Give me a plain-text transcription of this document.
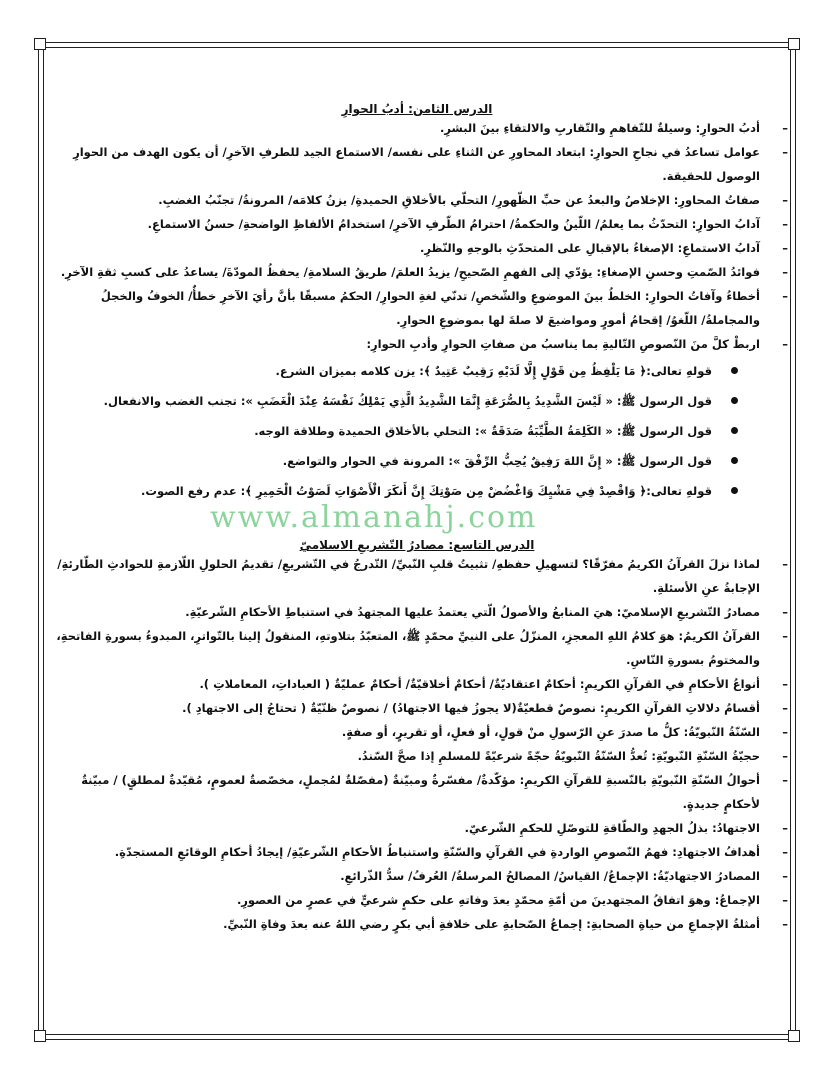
الدرس الثامن: أدبُ الحوارِ
–
أدبُ الحوارِ: وسيلةٌ للتّفاهمِ والتّقاربِ والالتقاءِ بينَ البشرِ.
–
عوامل تساعدُ في نجاحِ الحوارِ: ابتعاد المحاورِ عن الثناءِ على نفسه/ الاستماع الجيد للطرفِ الآخرِ/ أن يكون الهدف من الحوارِ الوصول للحقيقة.
–
صفاتُ المحاورِ: الإخلاصُ والبعدُ عن حبِّ الظّهورِ/ التحلّي بالأخلاقِ الحميدةِ/ يزنُ كلامَه/ المرونةُ/ تجنّبُ الغضبِ.
–
آدابُ الحوارِ: التحدّثُ بما يعلمُ/ اللّينُ والحكمةُ/ احترامُ الطّرفِ الآخرِ/ استخدامُ الألفاظِ الواضحةِ/ حسنُ الاستماعِ.
–
آدابُ الاستماعِ: الإصغاءُ بالإقبالِ على المتحدّثِ بالوجهِ والنّظرِ.
–
فوائدُ الصّمتِ وحسنِ الإصغاءِ: يؤدّي إلى الفهمِ الصّحيحِ/ يزيدُ العلمَ/ طريقُ السلامةِ/ يحفظُ المودّةَ/ يساعدُ على كسبِ ثقةِ الآخرِ.
–
أخطاءُ وآفاتُ الحوارِ: الخلطُ بينَ الموضوعِ والشّخصِ/ تدنّي لغةِ الحوارِ/ الحكمُ مسبقًا بأنَّ رأيَ الآخرِ خطأٌ/ الخوفُ والخجلُ والمجاملةُ/ اللّغوُ/ إقحامُ أمورٍ ومواضيعَ لا صلةَ لها بموضوعِ الحوارِ.
–
اربطْ كلَّ منَ النّصوصِ التّاليةِ بما يناسبُ من صفاتِ الحوارِ وأدبِ الحوارِ:
قولهِ تعالى:﴿ مَا يَلْفِظُ مِن قَوْلٍ إِلَّا لَدَيْهِ رَقِيبٌ عَتِيدٌ ﴾: يزن كلامه بميزان الشرع.
قول الرسول ﷺ: « لَيْسَ الشَّدِيدُ بِالصُّرَعَةِ إِنَّمَا الشَّدِيدُ الَّذِي يَمْلِكُ نَفْسَهُ عِنْدَ الْغَضَبِ »: تجنب الغضب والانفعال.
قول الرسول ﷺ: « الكَلِمَةُ الطَّيِّبَةُ صَدَقَةٌ »: التحلي بالأخلاق الحميدة وطلاقة الوجه.
قول الرسول ﷺ: « إِنَّ اللهَ رَفِيقٌ يُحِبُّ الرِّفْقَ »: المرونة في الحوار والتواضع.
قولهِ تعالى:﴿ وَاقْصِدْ فِي مَشْيِكَ وَاغْضُضْ مِن صَوْتِكَ إِنَّ أَنكَرَ الْأَصْوَاتِ لَصَوْتُ الْحَمِيرِ ﴾: عدم رفع الصوت.
الدرس التاسع: مصادرُ التّشريعِ الاسلاميّ
–
لماذا نزلَ القرآنُ الكريمُ مفرّقًا؟ لتسهيلِ حفظهِ/ تثبيتُ قلبِ النّبيِّ/ التّدرجُ في التّشريعِ/ تقديمُ الحلولِ اللّازمةِ للحوادثِ الطّارئةِ/ الإجابةُ عنِ الأسئلةِ.
–
مصادرُ التّشريعِ الإسلاميّ: هيَ المنابعُ والأصولُ الّتي يعتمدُ عليها المجتهدُ في استنباطِ الأحكامِ الشّرعيّةِ.
–
القرآنُ الكريمُ: هوَ كلامُ اللهِ المعجزِ، المنزّلُ على النبيِّ محمّدٍ ﷺ، المتعبّدُ بتلاوتهِ، المنقولُ إلينا بالتّواترِ، المبدوءُ بسورةِ الفاتحةِ، والمختومُ بسورةِ النّاسِ.
–
أنواعُ الأحكامِ في القرآنِ الكريمِ: أحكامٌ اعتقاديّةٌ/ أحكامٌ أخلاقيّةٌ/ أحكامٌ عمليّةٌ ( العباداتِ، المعاملاتِ ).
–
أقسامُ دلالاتِ القرآنِ الكريمِ: نصوصٌ قطعيّةٌ(لا يجوزُ فيها الاجتهادُ) / نصوصٌ ظنّيّةٌ ( تحتاجُ إلى الاجتهادِ ).
–
السّنّةُ النّبويّةُ: كلُّ ما صدرَ عنِ الرّسولِ منْ قولٍ، أو فعلٍ، أو تقريرٍ، أو صفةٍ.
–
حجيّةُ السّنّةِ النّبويّةِ: تُعدُّ السّنّةُ النّبويّةُ حجّةً شرعيّةً للمسلمِ إذا صحَّ السّندُ.
–
أحوالُ السّنّةِ النّبويّةِ بالنّسبةِ للقرآنِ الكريمِ: مؤكّدةٌ/ مفسّرةٌ ومبيّنةٌ (مفصّلةٌ لمُجملٍ، مخصّصةٌ لعمومٍ، مُقيّدةٌ لمطلقٍ) / مبيّنةٌ لأحكامٍ جديدةٍ.
–
الاجتهادُ: بذلُ الجهدِ والطّاقةِ للتوصّلِ للحكمِ الشّرعيّ.
–
أهدافُ الاجتهادِ: فهمُ النّصوصِ الواردةِ في القرآنِ والسّنّةِ واستنباطُ الأحكامِ الشّرعيّةِ/ إيجادُ أحكامِ الوقائعِ المستجدّةِ.
–
المصادرُ الاجتهاديّةُ: الإجماعُ/ القياسُ/ المصالحُ المرسلةُ/ العُرفُ/ سدُّ الذّرائعِ.
–
الإجماعُ: وهوَ اتفاقُ المجتهدينَ من أمّةِ محمّدٍ بعدَ وفاتهِ على حكمٍ شرعيٍّ في عصرٍ من العصورِ.
–
أمثلةُ الإجماعِ من حياةِ الصحابةِ: إجماعُ الصّحابةِ على خلافةِ أبي بكرٍ رضي اللهُ عنه بعدَ وفاةِ النّبيِّ.
www.almanahj.com
